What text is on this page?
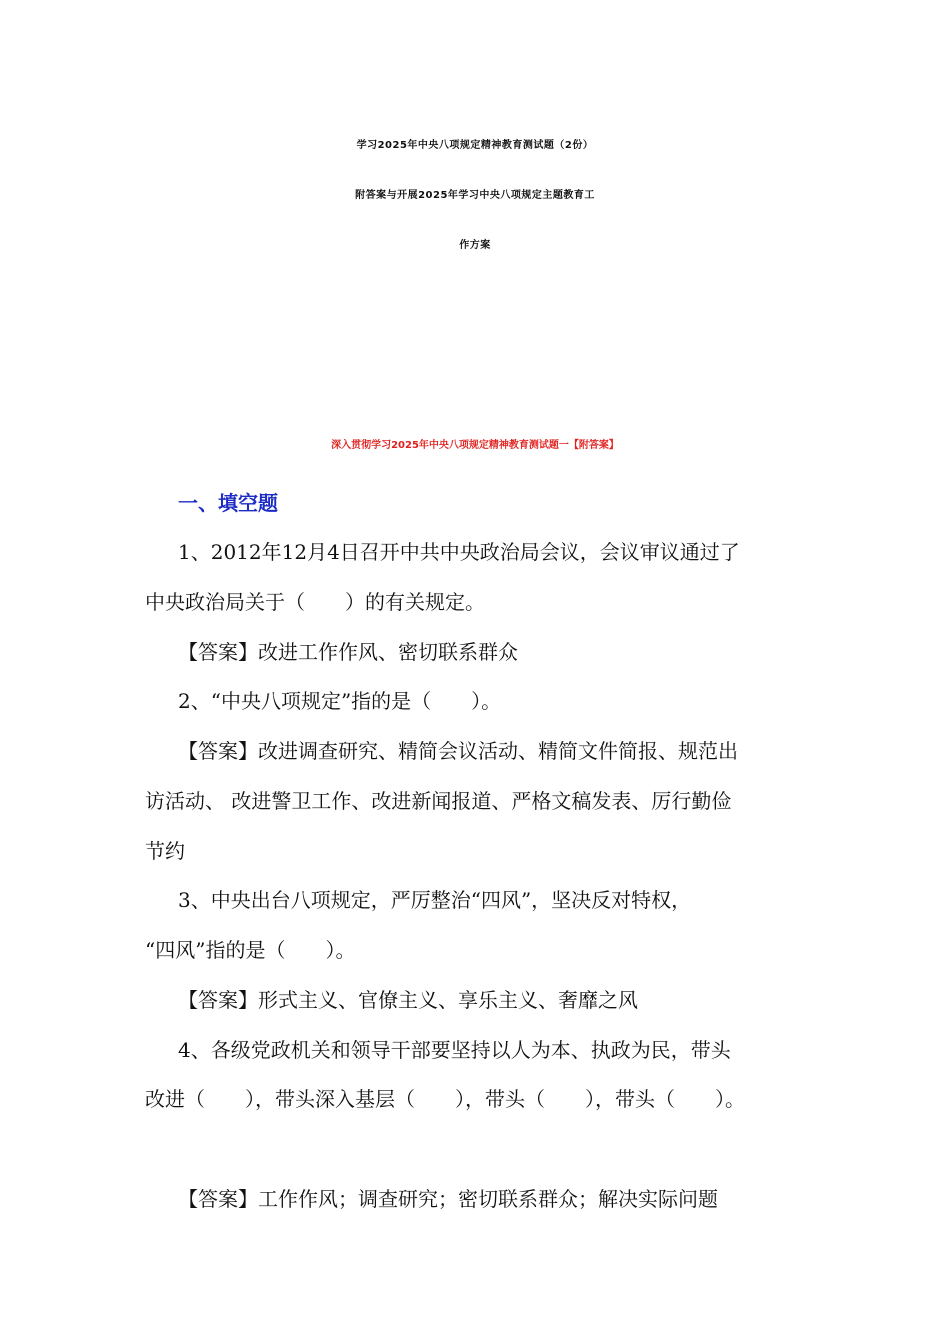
学习2025年中央八项规定精神教育测试题（2份）
附答案与开展2025年学习中央八项规定主题教育工
作方案
深入贯彻学习2025年中央八项规定精神教育测试题一【附答案】
一、填空题
1、2012年12月4日召开中共中央政治局会议，会议审议通过了
中央政治局关于（　　）的有关规定。
【答案】改进工作作风、密切联系群众
2、“中央八项规定”指的是（　　）。
【答案】改进调查研究、精简会议活动、精简文件简报、规范出
访活动、 改进警卫工作、改进新闻报道、严格文稿发表、厉行勤俭
节约
3、中央出台八项规定，严厉整治“四风”，坚决反对特权，
“四风”指的是（　　）。
【答案】形式主义、官僚主义、享乐主义、奢靡之风
4、各级党政机关和领导干部要坚持以人为本、执政为民，带头
改进（　　），带头深入基层（　　），带头（　　），带头（　　）。
【答案】工作作风；调查研究；密切联系群众；解决实际问题
